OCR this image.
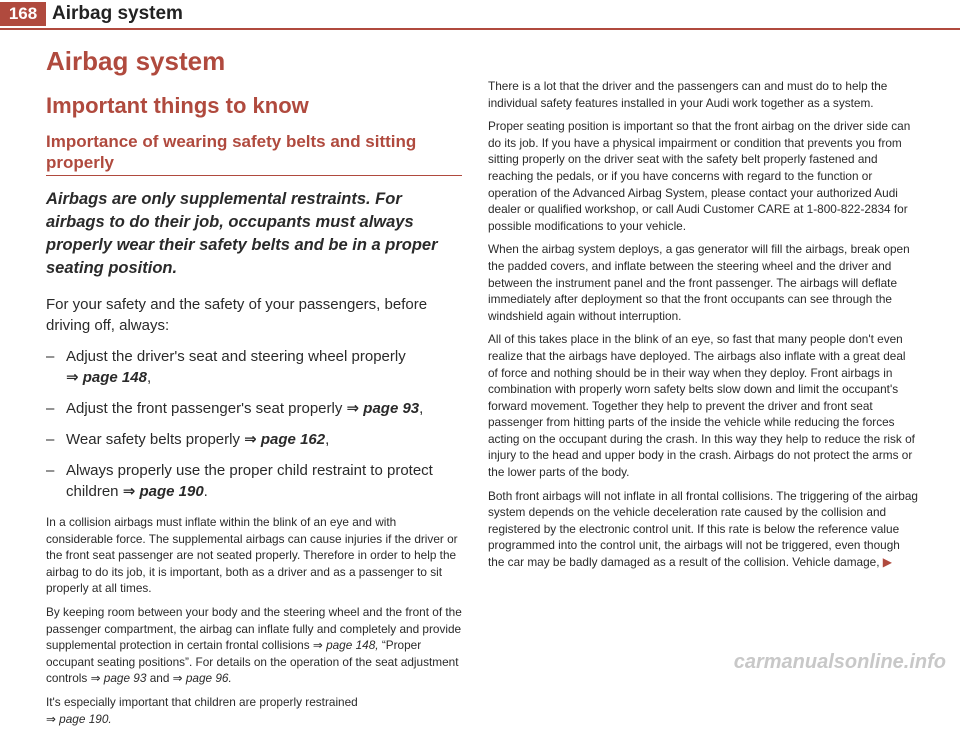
168 Airbag system
Airbag system
Important things to know
Importance of wearing safety belts and sitting properly

Airbags are only supplemental restraints. For airbags to do their job, occupants must always properly wear their safety belts and be in a proper seating position.

For your safety and the safety of your passengers, before driving off, always:

– Adjust the driver's seat and steering wheel properly
⇒ page 148,
– Adjust the front passenger's seat properly ⇒ page 93,
– Wear safety belts properly ⇒ page 162,
– Always properly use the proper child restraint to protect children ⇒ page 190.

In a collision airbags must inflate within the blink of an eye and with considerable force. The supplemental airbags can cause injuries if the driver or the front seat passenger are not seated properly. Therefore in order to help the airbag to do its job, it is important, both as a driver and as a passenger to sit properly at all times.

By keeping room between your body and the steering wheel and the front of the passenger compartment, the airbag can inflate fully and completely and provide supplemental protection in certain frontal collisions ⇒ page 148, “Proper occupant seating positions”. For details on the operation of the seat adjustment controls ⇒ page 93 and ⇒ page 96.

It's especially important that children are properly restrained
⇒ page 190.

There is a lot that the driver and the passengers can and must do to help the individual safety features installed in your Audi work together as a system.

Proper seating position is important so that the front airbag on the driver side can do its job. If you have a physical impairment or condition that prevents you from sitting properly on the driver seat with the safety belt properly fastened and reaching the pedals, or if you have concerns with regard to the function or operation of the Advanced Airbag System, please contact your authorized Audi dealer or qualified workshop, or call Audi Customer CARE at 1-800-822-2834 for possible modifications to your vehicle.

When the airbag system deploys, a gas generator will fill the airbags, break open the padded covers, and inflate between the steering wheel and the driver and between the instrument panel and the front passenger. The airbags will deflate immediately after deployment so that the front occupants can see through the windshield again without interruption.

All of this takes place in the blink of an eye, so fast that many people don't even realize that the airbags have deployed. The airbags also inflate with a great deal of force and nothing should be in their way when they deploy. Front airbags in combination with properly worn safety belts slow down and limit the occupant's forward movement. Together they help to prevent the driver and front seat passenger from hitting parts of the inside the vehicle while reducing the forces acting on the occupant during the crash. In this way they help to reduce the risk of injury to the head and upper body in the crash. Airbags do not protect the arms or the lower parts of the body.

Both front airbags will not inflate in all frontal collisions. The triggering of the airbag system depends on the vehicle deceleration rate caused by the collision and registered by the electronic control unit. If this rate is below the reference value programmed into the control unit, the airbags will not be triggered, even though the car may be badly damaged as a result of the collision. Vehicle damage, ▶

carmanualsonline.info
